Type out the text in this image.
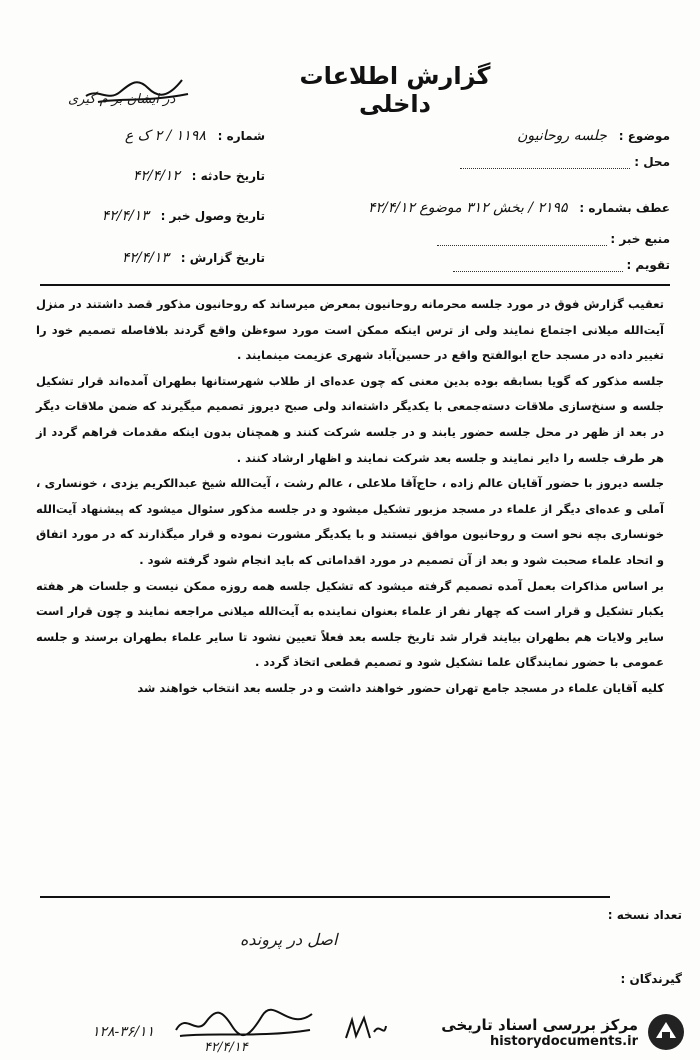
در ایشان بر م گیری
گزارش اطلاعات داخلی
شماره : ۱۱۹۸ / ۲ ک ع
تاریخ حادثه : ۴۲/۴/۱۲
تاریخ وصول خبر : ۴۲/۴/۱۳
تاریخ گزارش : ۴۲/۴/۱۳
موضوع : جلسه روحانیون
محل :
عطف بشماره : ۲۱۹۵ / بخش ۳۱۲ موضوع ۴۲/۴/۱۲
منبع خبر :
تقویم :

تعقیب گزارش فوق در مورد جلسه محرمانه روحانیون بمعرض میرساند که روحانیون مذکور قصد داشتند در منزل آیت‌الله میلانی اجتماع نمایند ولی از ترس اینکه ممکن است مورد سوءظن واقع گردند بلافاصله تصمیم خود را تغییر داده در مسجد حاج ابوالفتح واقع در حسین‌آباد شهری عزیمت مینمایند .

جلسه مذکور که گویا بسابقه بوده بدین معنی که چون عده‌ای از طلاب شهرستانها بطهران آمده‌اند قرار تشکیل جلسه و سنخ‌سازی ملاقات دسته‌جمعی با یکدیگر داشته‌اند ولی صبح دیروز تصمیم میگیرند که ضمن ملاقات دیگر در بعد از ظهر در محل جلسه حضور یابند و در جلسه شرکت کنند و همچنان بدون اینکه مقدمات فراهم گردد از هر طرف جلسه را دایر نمایند و جلسه بعد شرکت نمایند و اظهار ارشاد کنند .

جلسه دیروز با حضور آقایان عالم زاده ، حاج‌آقا ملاعلی ، عالم رشت ، آیت‌الله شیخ عبدالکریم یزدی ، خونساری ، آملی و عده‌ای دیگر از علماء در مسجد مزبور تشکیل میشود و در جلسه مذکور سئوال میشود که پیشنهاد آیت‌الله خونساری بچه نحو است و روحانیون موافق نیستند و با یکدیگر مشورت نموده و قرار میگذارند که در مورد اتفاق و اتحاد علماء صحبت شود و بعد از آن تصمیم در مورد اقداماتی که باید انجام شود گرفته شود .

بر اساس مذاکرات بعمل آمده تصمیم گرفته میشود که تشکیل جلسه همه روزه ممکن نیست و جلسات هر هفته یکبار تشکیل و قرار است که چهار نفر از علماء بعنوان نماینده به آیت‌الله میلانی مراجعه نمایند و چون قرار است سایر ولایات هم بطهران بیایند قرار شد تاریخ جلسه بعد فعلاً تعیین نشود تا سایر علماء بطهران برسند و جلسه عمومی با حضور نمایندگان علما تشکیل شود و تصمیم قطعی اتخاذ گردد .

کلیه آقایان علماء در مسجد جامع تهران حضور خواهند داشت و در جلسه بعد انتخاب خواهند شد

تعداد نسخه :
گیرندگان :
اصل در پرونده
۱۲۸-۳۶/۱۱
۴۲/۴/۱۴
مرکز بررسی اسناد تاریخی
historydocuments.ir
